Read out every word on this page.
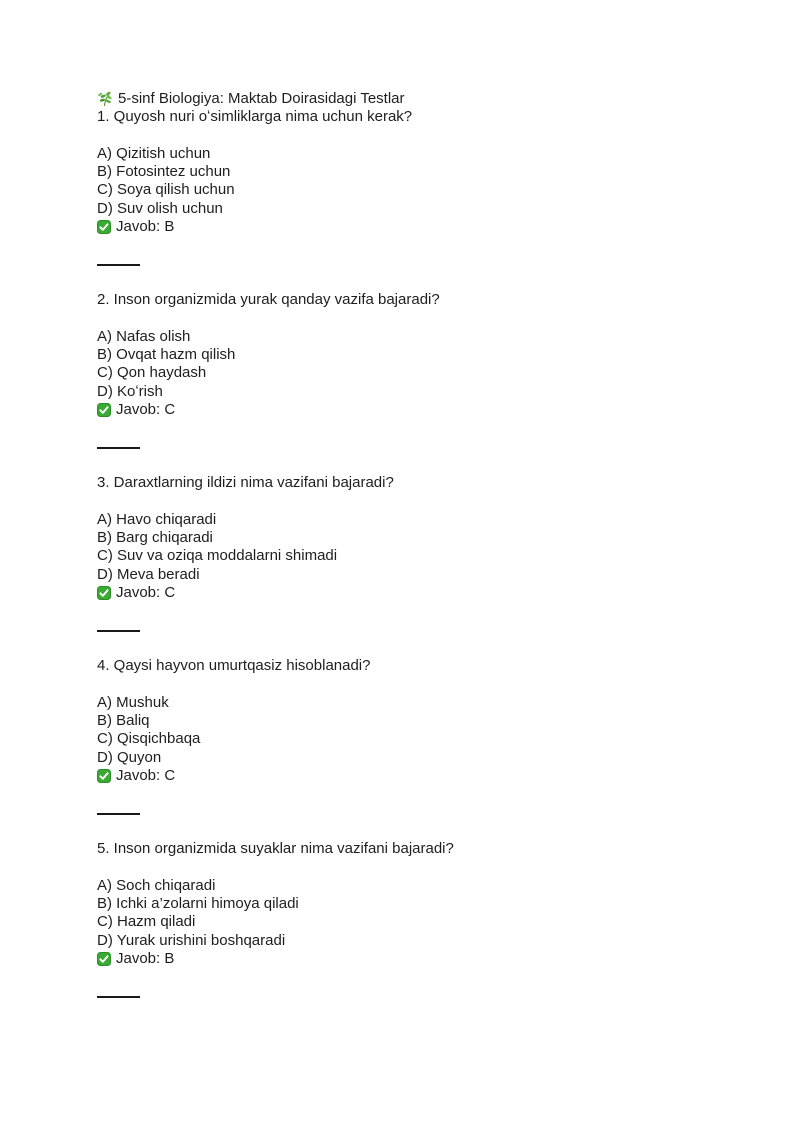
5-sinf Biologiya: Maktab Doirasidagi Testlar
1. Quyosh nuri oʻsimliklarga nima uchun kerak?
A) Qizitish uchun
B) Fotosintez uchun
C) Soya qilish uchun
D) Suv olish uchun
Javob: B
2. Inson organizmida yurak qanday vazifa bajaradi?
A) Nafas olish
B) Ovqat hazm qilish
C) Qon haydash
D) Koʻrish
Javob: C
3. Daraxtlarning ildizi nima vazifani bajaradi?
A) Havo chiqaradi
B) Barg chiqaradi
C) Suv va oziqa moddalarni shimadi
D) Meva beradi
Javob: C
4. Qaysi hayvon umurtqasiz hisoblanadi?
A) Mushuk
B) Baliq
C) Qisqichbaqa
D) Quyon
Javob: C
5. Inson organizmida suyaklar nima vazifani bajaradi?
A) Soch chiqaradi
B) Ichki a’zolarni himoya qiladi
C) Hazm qiladi
D) Yurak urishini boshqaradi
Javob: B
